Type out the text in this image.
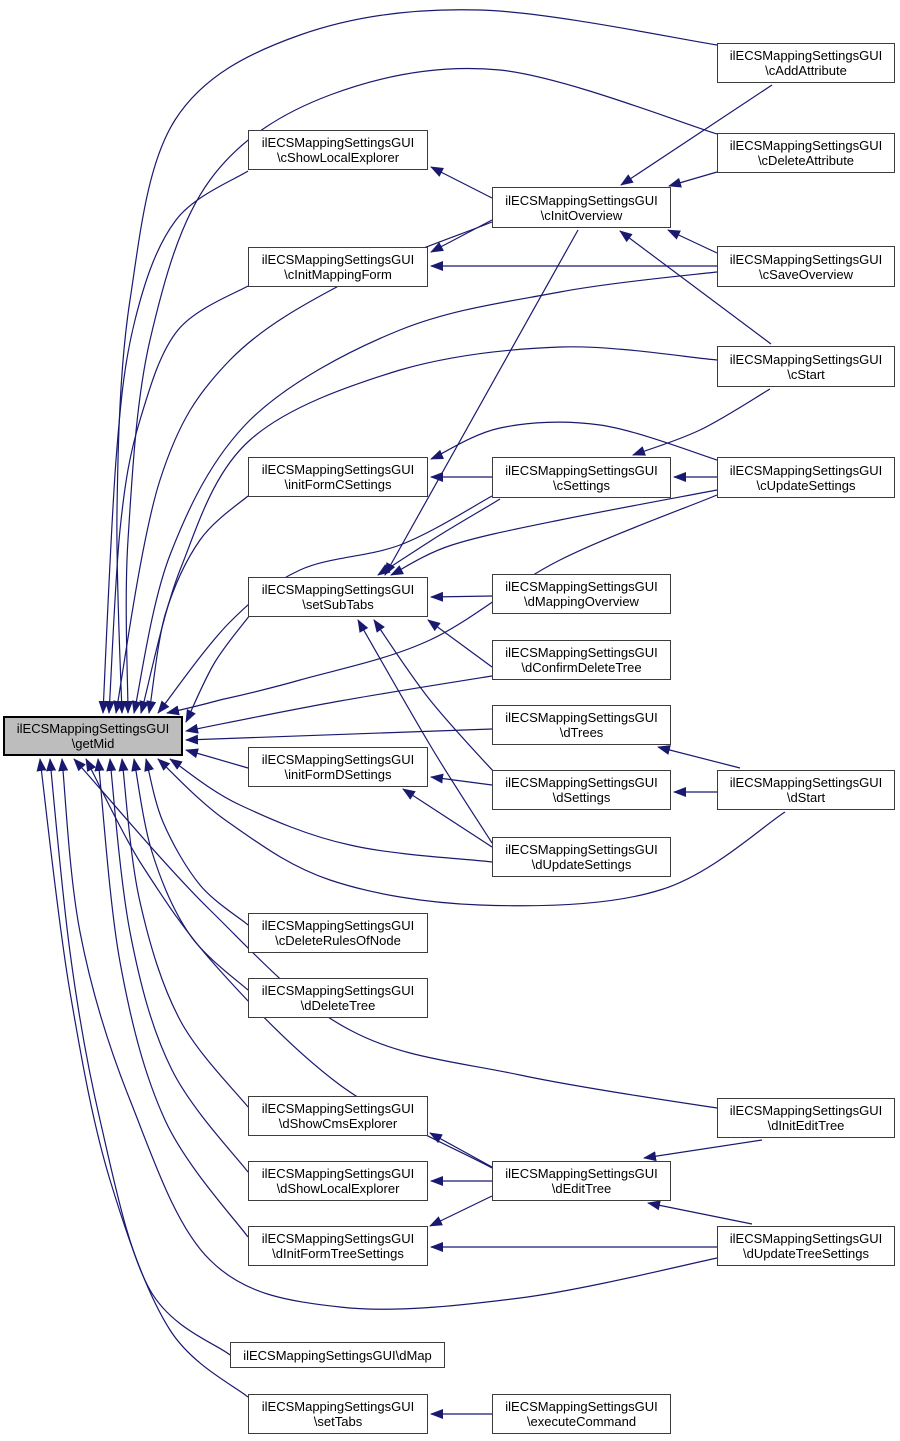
ilECSMappingSettingsGUI
\getMid
ilECSMappingSettingsGUI
\cShowLocalExplorer
ilECSMappingSettingsGUI
\cInitMappingForm
ilECSMappingSettingsGUI
\initFormCSettings
ilECSMappingSettingsGUI
\setSubTabs
ilECSMappingSettingsGUI
\initFormDSettings
ilECSMappingSettingsGUI
\cDeleteRulesOfNode
ilECSMappingSettingsGUI
\dDeleteTree
ilECSMappingSettingsGUI
\dShowCmsExplorer
ilECSMappingSettingsGUI
\dShowLocalExplorer
ilECSMappingSettingsGUI
\dInitFormTreeSettings
ilECSMappingSettingsGUI\dMap
ilECSMappingSettingsGUI
\setTabs
ilECSMappingSettingsGUI
\cInitOverview
ilECSMappingSettingsGUI
\cSettings
ilECSMappingSettingsGUI
\dMappingOverview
ilECSMappingSettingsGUI
\dConfirmDeleteTree
ilECSMappingSettingsGUI
\dTrees
ilECSMappingSettingsGUI
\dSettings
ilECSMappingSettingsGUI
\dUpdateSettings
ilECSMappingSettingsGUI
\dEditTree
ilECSMappingSettingsGUI
\executeCommand
ilECSMappingSettingsGUI
\cAddAttribute
ilECSMappingSettingsGUI
\cDeleteAttribute
ilECSMappingSettingsGUI
\cSaveOverview
ilECSMappingSettingsGUI
\cStart
ilECSMappingSettingsGUI
\cUpdateSettings
ilECSMappingSettingsGUI
\dStart
ilECSMappingSettingsGUI
\dInitEditTree
ilECSMappingSettingsGUI
\dUpdateTreeSettings
